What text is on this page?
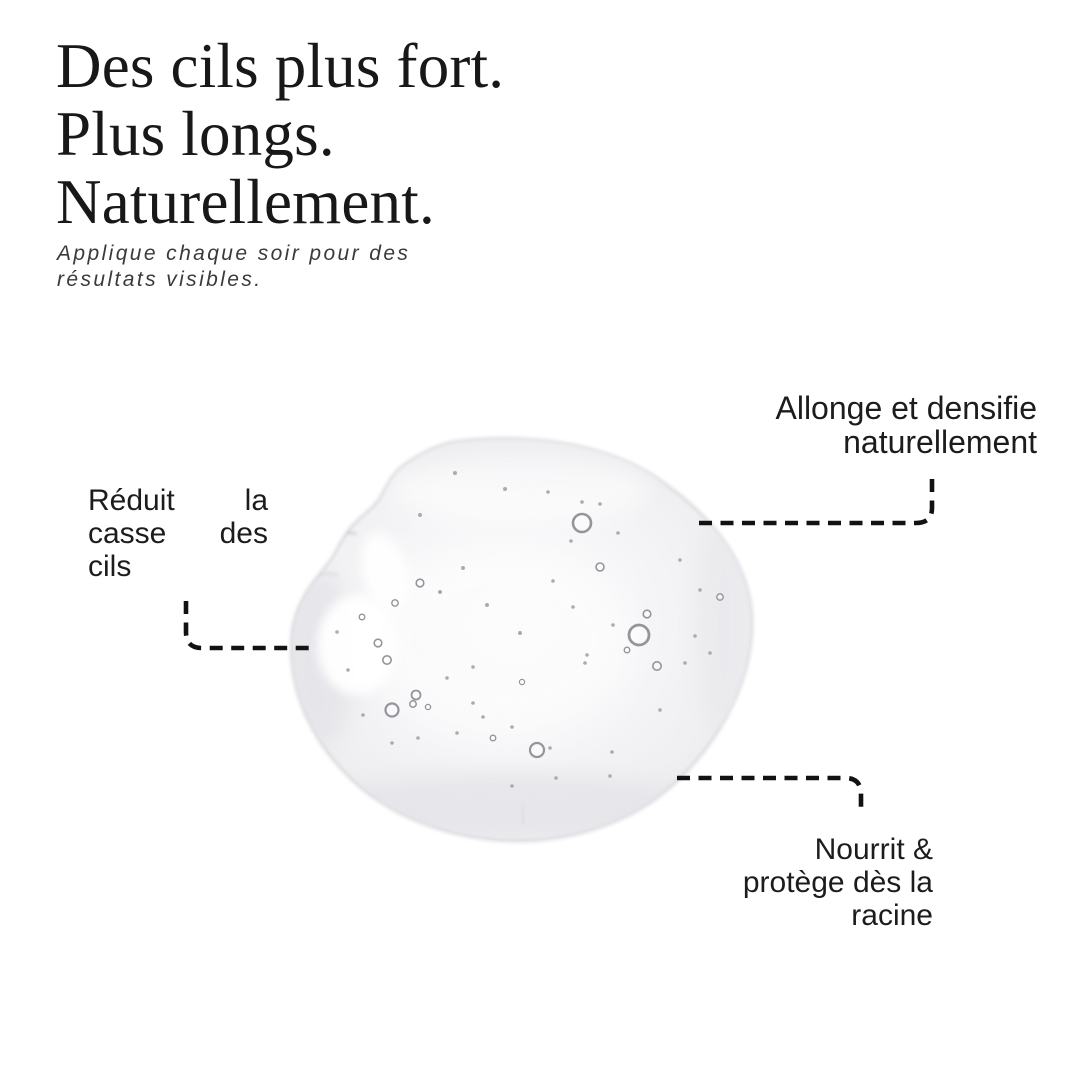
Des cils plus fort.
Plus longs.
Naturellement.

Applique chaque soir pour des résultats visibles.

Réduit la casse des cils

Allonge et densifie
naturellement

Nourrit &
protège dès la
racine
